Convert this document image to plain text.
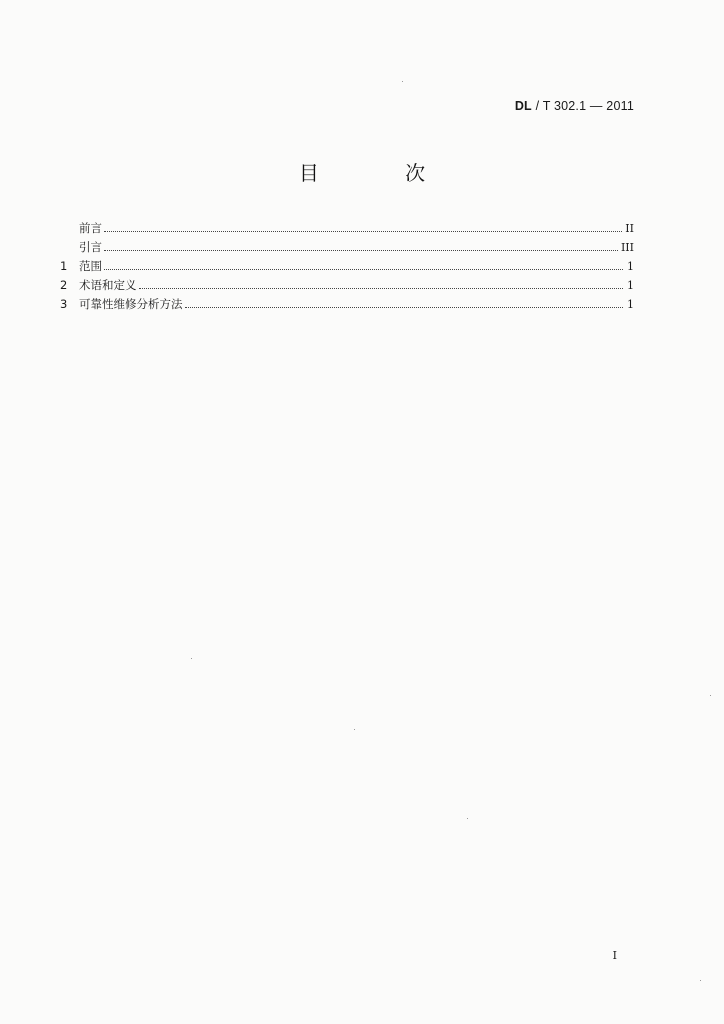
DL / T 302.1 — 2011
目 次
前言	II
引言	III
1	范围	1
2	术语和定义	1
3	可靠性维修分析方法	1
I
